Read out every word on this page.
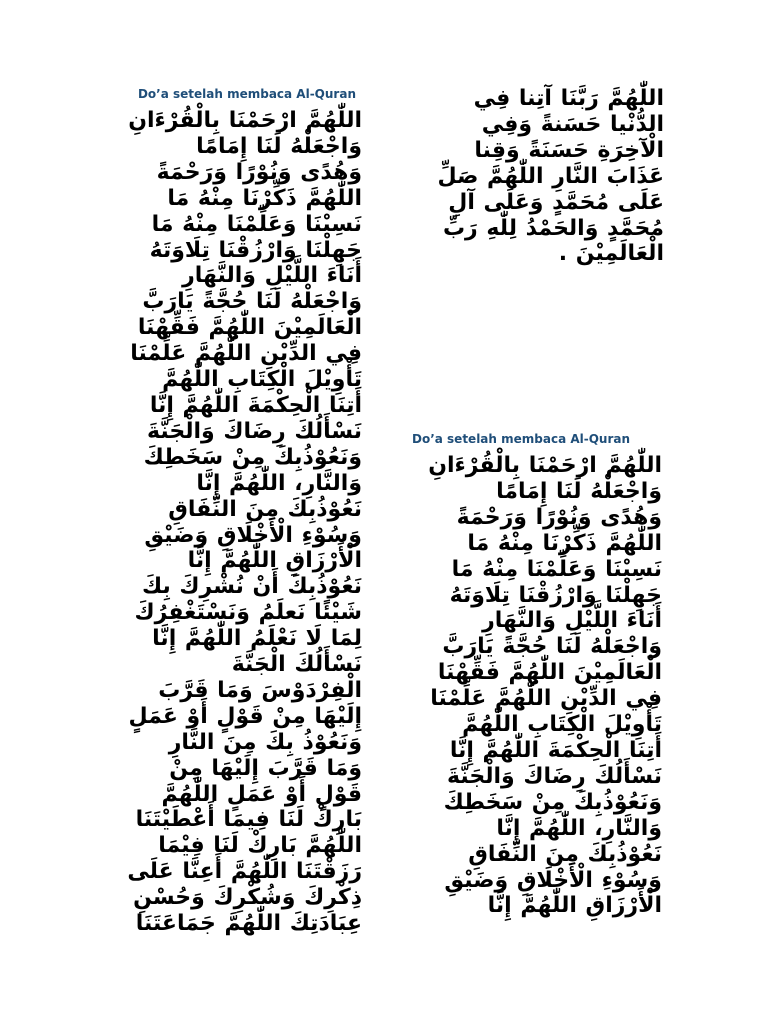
Do’a setelah membaca Al-Quran
اللّٰهُمَّ ارْحَمْنَا بِالْقُرْءَانِ
وَاجْعَلْهُ لَنَا إِمَامًا
وَهُدًى وَنُوْرًا وَرَحْمَةً
اللّٰهُمَّ ذَكِّرْنَا مِنْهُ مَا
نَسِيْنَا وَعَلِّمْنَا مِنْهُ مَا
جَهِلْنَا وَارْزُقْنَا تِلَاوَتَهُ
أَنَاءَ اللَّيْلِ وَالنَّهَارِ
وَاجْعَلْهُ لَنَا حُجَّةً يَارَبَّ
الْعَالَمِيْنَ اللّٰهُمَّ فَقِّهْنَا
فِي الدِّيْنِ اللّٰهُمَّ عَلِّمْنَا
تَأْوِيْلَ الْكِتَابِ اللّٰهُمَّ
أَتِنَا الْحِكْمَةَ اللّٰهُمَّ إِنَّا
نَسْأَلُكَ رِضَاكَ وَالْجَنَّةَ
وَنَعُوْذُبِكَ مِنْ سَخَطِكَ
وَالنَّارِ، اللّٰهُمَّ إِنَّا
نَعُوْذُبِكَ مِنَ النِّفَاقِ
وَسُوْءِ الْأَخْلَاقِ وَضَيْقِ
الْأَرْزَاقِ اللّٰهُمَّ إِنَّا
نَعُوْذُبِكَ أَنْ نُشْرِكَ بِكَ
شَيْئًا نَعلَمُ وَنَسْتَغْفِرُكَ
لِمَا لَا نَعْلَمُ اللّٰهُمَّ إِنَّا
نَسْأَلُكَ الْجَنَّةَ
الْفِرْدَوْسَ وَمَا قَرَّبَ
إِلَيْهَا مِنْ قَوْلٍ أَوْ عَمَلٍ
وَنَعُوْذُ بِكَ مِنَ النَّارِ
وَمَا قَرَّبَ إِلَيْهَا مِنْ
قَوْلٍ أَوْ عَمَلٍ اللّٰهُمَّ
بَارِكْ لَنَا فِيمَا أَعْطَيْتَنَا
اللّٰهُمَّ بَارِكْ لَنَا فِيْمَا
رَزَقْتَنَا اللّٰهُمَّ أَعِنَّا عَلَى
ذِكْرِكَ وَشُكْرِكَ وَحُسْنِ
عِبَادَتِكَ اللّٰهُمَّ جَمَاعَتَنَا
اللّٰهُمَّ رَبَّنَا آتِنا فِي
الدُّنْيا حَسَنةً وَفِي
الْآخِرَةِ حَسَنَةً وَقِنا
عَذَابَ النَّارِ اللّٰهُمَّ صَلِّ
عَلَى مُحَمَّدٍ وَعَلَى آلِ
مُحَمَّدٍ وَالحَمْدُ لِلّٰهِ رَبِّ
الْعَالَمِيْنَ .
Do’a setelah membaca Al-Quran
اللّٰهُمَّ ارْحَمْنَا بِالْقُرْءَانِ
وَاجْعَلْهُ لَنَا إِمَامًا
وَهُدًى وَنُوْرًا وَرَحْمَةً
اللّٰهُمَّ ذَكِّرْنَا مِنْهُ مَا
نَسِيْنَا وَعَلِّمْنَا مِنْهُ مَا
جَهِلْنَا وَارْزُقْنَا تِلَاوَتَهُ
أَنَاءَ اللَّيْلِ وَالنَّهَارِ
وَاجْعَلْهُ لَنَا حُجَّةً يَارَبَّ
الْعَالَمِيْنَ اللّٰهُمَّ فَقِّهْنَا
فِي الدِّيْنِ اللّٰهُمَّ عَلِّمْنَا
تَأْوِيْلَ الْكِتَابِ اللّٰهُمَّ
أَتِنَا الْحِكْمَةَ اللّٰهُمَّ إِنَّا
نَسْأَلُكَ رِضَاكَ وَالْجَنَّةَ
وَنَعُوْذُبِكَ مِنْ سَخَطِكَ
وَالنَّارِ، اللّٰهُمَّ إِنَّا
نَعُوْذُبِكَ مِنَ النِّفَاقِ
وَسُوْءِ الْأَخْلَاقِ وَضَيْقِ
الْأَرْزَاقِ اللّٰهُمَّ إِنَّا
